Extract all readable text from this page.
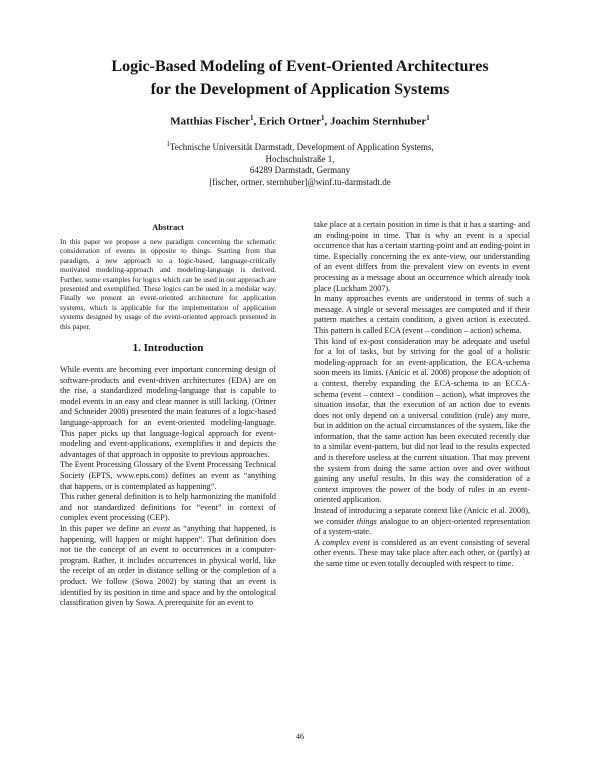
Logic-Based Modeling of Event-Oriented Architectures
for the Development of Application Systems
Matthias Fischer$^1$, Erich Ortner$^1$, Joachim Sternhuber$^1$
$^1$Technische Universität Darmstadt, Development of Application Systems,
Hochschulstraße 1,
64289 Darmstadt, Germany
[fischer, ortner, sternhuber]@winf.tu-darmstadt.de
Abstract

In this paper we propose a new paradigm concerning the schematic consideration of events in opposite to things. Starting from that paradigm, a new approach to a logic-based, language-critically motivated modeling-approach and modeling-language is derived. Further, some examples for logics which can be used in our approach are presented and exemplified. These logics can be used in a modular way. Finally we present an event-oriented architecture for application systems, which is applicable for the implementation of application systems designed by usage of the event-oriented approach presented in this paper.

1. Introduction

While events are becoming ever important concerning design of software-products and event-driven architectures (EDA) are on the rise, a standardized modeling-language that is capable to model events in an easy and clear manner is still lacking. (Ortner and Schneider 2008) presented the main features of a logic-based language-approach for an event-oriented modeling-language. This paper picks up that language-logical approach for event-modeling and event-applications, exemplifies it and depicts the advantages of that approach in opposite to previous approaches.

The Event Processing Glossary of the Event Processing Technical Society (EPTS, www.epts.com) defines an event as “anything that happens, or is contemplated as happening”.

This rather general definition is to help harmonizing the manifold and not standardized definitions for “event” in context of complex event processing (CEP).

In this paper we define an event as “anything that happened, is happening, will happen or might happen”. That definition does not tie the concept of an event to occurrences in a computer-program. Rather, it includes occurrences in physical world, like the receipt of an order in distance selling or the completion of a product. We follow (Sowa 2002) by stating that an event is identified by its position in time and space and by the ontological classification given by Sowa. A prerequisite for an event to

take place at a certain position in time is that it has a starting- and an ending-point in time. That is why an event is a special occurrence that has a certain starting-point and an ending-point in time. Especially concerning the ex ante-view, our understanding of an event differs from the prevalent view on events in event processing as a message about an occurrence which already took place (Luckham 2007).

In many approaches events are understood in terms of such a message. A single or several messages are computed and if their pattern matches a certain condition, a given action is executed. This pattern is called ECA (event – condition – action) schema.

This kind of ex-post consideration may be adequate and useful for a lot of tasks, but by striving for the goal of a holistic modeling-approach for an event-application, the ECA-schema soon meets its limits. (Anicic et al. 2008) propose the adoption of a context, thereby expanding the ECA-schema to an ECCA-schema (event – context – condition – action), what improves the situation insofar, that the execution of an action due to events does not only depend on a universal condition (rule) any more, but in addition on the actual circumstances of the system, like the information, that the same action has been executed recently due to a similar event-pattern, but did not lead to the results expected and is therefore useless at the current situation. That may prevent the system from doing the same action over and over without gaining any useful results. In this way the consideration of a context improves the power of the body of rules in an event-oriented application.

Instead of introducing a separate context like (Anicic et al. 2008), we consider things analogue to an object-oriented representation of a system-state.

A complex event is considered as an event consisting of several other events. These may take place after each other, or (partly) at the same time or even totally decoupled with respect to time.

46
